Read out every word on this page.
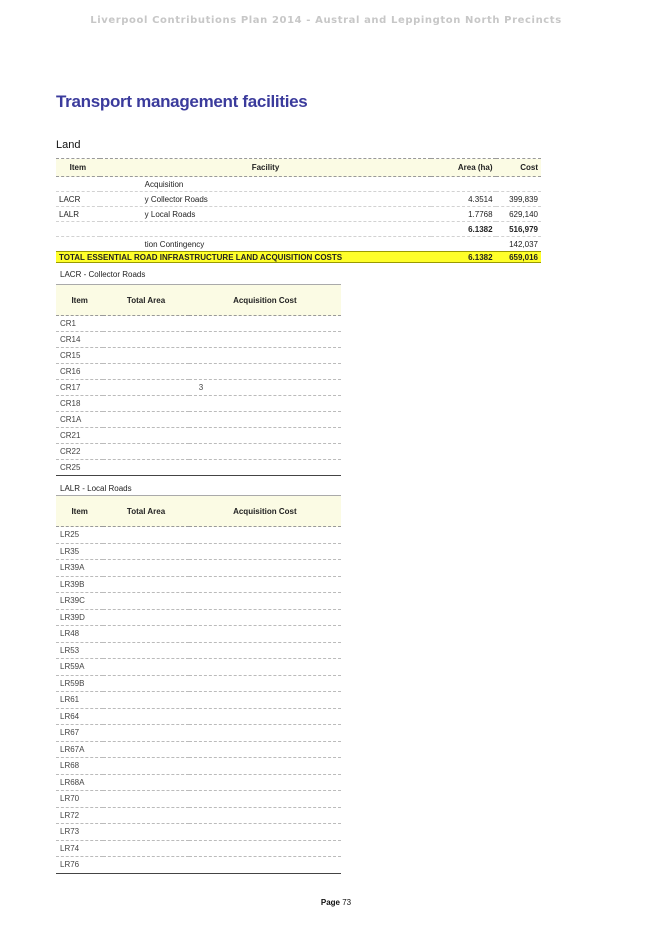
Liverpool Contributions Plan 2014 - Austral and Leppington North Precincts
Transport management facilities
Land
Item	Facility	Area (ha)	Cost
	Acquisition		
LACR	y Collector Roads	4.3514	399,839
LALR	y Local Roads	1.7768	629,140
		6.1382	516,979
	tion Contingency		142,037
TOTAL ESSENTIAL ROAD INFRASTRUCTURE LAND ACQUISITION COSTS		6.1382	659,016
LACR - Collector Roads
Item	Total Area	Acquisition Cost
CR1		
CR14		
CR15		
CR16		
CR17		3
CR18		
CR1A		
CR21		
CR22		
CR25		
LALR - Local Roads
Item	Total Area	Acquisition Cost
LR25		
LR35		
LR39A		
LR39B		
LR39C		
LR39D		
LR48		
LR53		
LR59A		
LR59B		
LR61		
LR64		
LR67		
LR67A		
LR68		
LR68A		
LR70		
LR72		
LR73		
LR74		
LR76		
Page 73
